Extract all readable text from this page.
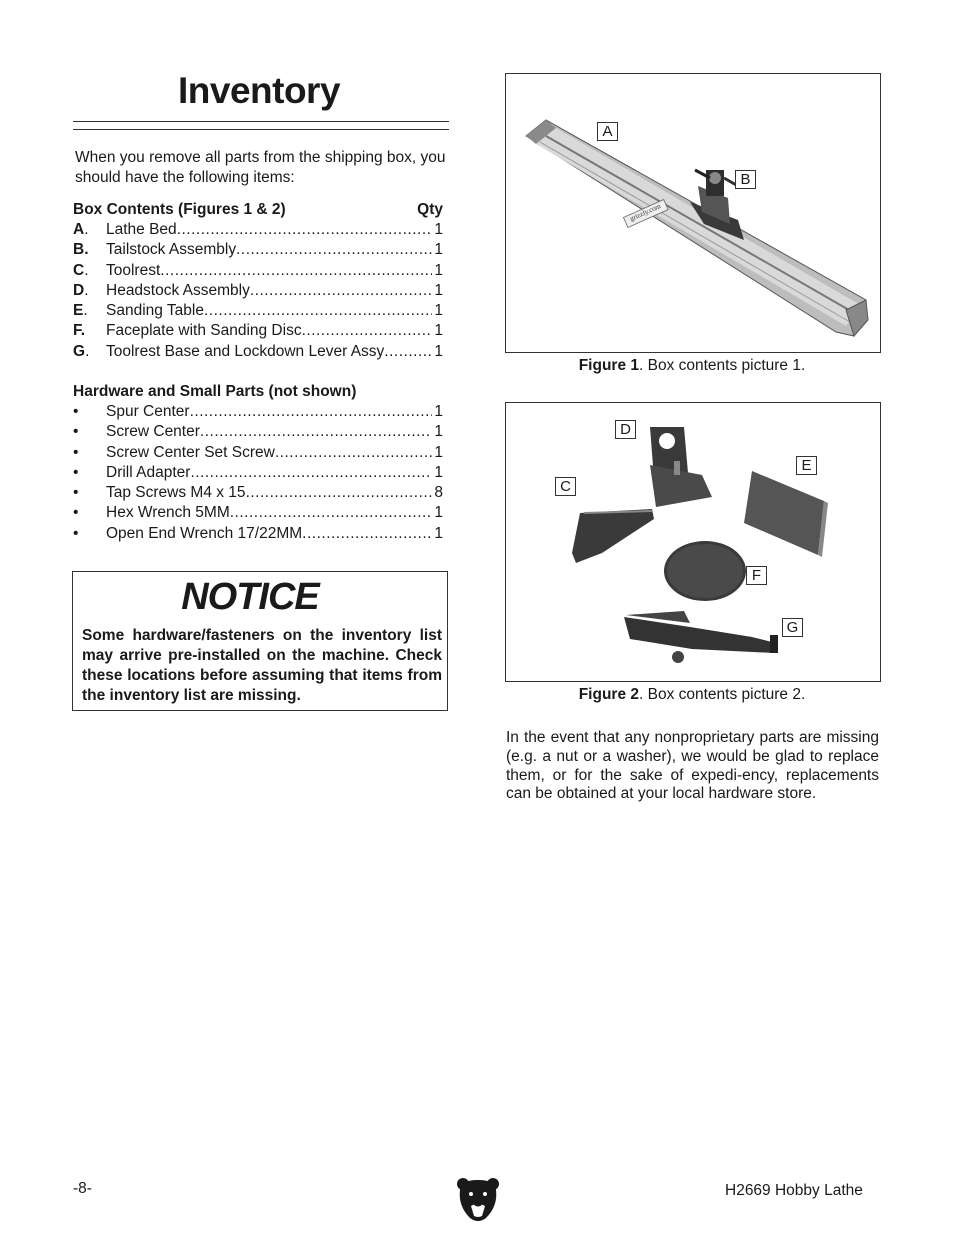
Inventory
When you remove all parts from the shipping box, you should have the following items:
Box Contents (Figures 1 & 2)	Qty
A.	Lathe Bed .....	1
B.	Tailstock Assembly .....	1
C.	Toolrest .....	1
D.	Headstock Assembly .....	1
E.	Sanding Table .....	1
F.	Faceplate with Sanding Disc .....	1
G.	Toolrest Base and Lockdown Lever Assy .....	1
Hardware and Small Parts (not shown)
•	Spur Center .....	1
•	Screw Center .....	1
•	Screw Center Set Screw .....	1
•	Drill Adapter .....	1
•	Tap Screws M4 x 15 .....	8
•	Hex Wrench 5MM .....	1
•	Open End Wrench 17/22MM .....	1
NOTICE
Some hardware/fasteners on the inventory list may arrive pre-installed on the machine. Check these locations before assuming that items from the inventory list are missing.
grizzly.com
A
B
Figure 1. Box contents picture 1.
D
E
C
F
G
Figure 2. Box contents picture 2.
In the event that any nonproprietary parts are missing (e.g. a nut or a washer), we would be glad to replace them, or for the sake of expedi-ency, replacements can be obtained at your local hardware store.
-8-	H2669 Hobby Lathe
